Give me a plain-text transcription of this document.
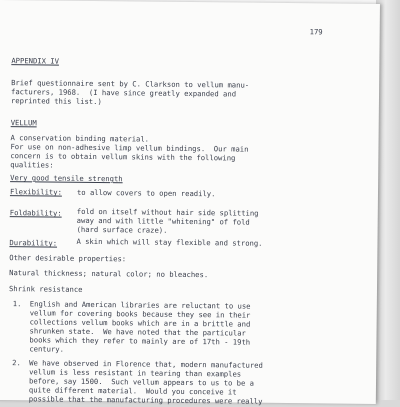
179
APPENDIX IV
Brief questionnaire sent by C. Clarkson to vellum manu-
facturers, 1968.  (I have since greatly expanded and
reprinted this list.)
VELLUM
A conservation binding material.
For use on non-adhesive limp vellum bindings.  Our main
concern is to obtain vellum skins with the following
qualities:
Very good tensile strength
Flexibility: to allow covers to open readily.
Foldability: fold on itself without hair side splitting
away and with little "whitening" of fold
(hard surface craze).
Durability:	A skin which will stay flexible and strong.
Other desirable properties:
Natural thickness; natural color; no bleaches.
Shrink resistance
1. English and American libraries are reluctant to use
vellum for covering books because they see in their
collections vellum books which are in a brittle and
shrunken state.  We have noted that the particular
books which they refer to mainly are of 17th - 19th
century.
2. We have observed in Florence that, modern manufactured
vellum is less resistant in tearing than examples
before, say 1500.  Such vellum appears to us to be a
quite different material.  Would you conceive it
possible that the manufacturing procedures were really
